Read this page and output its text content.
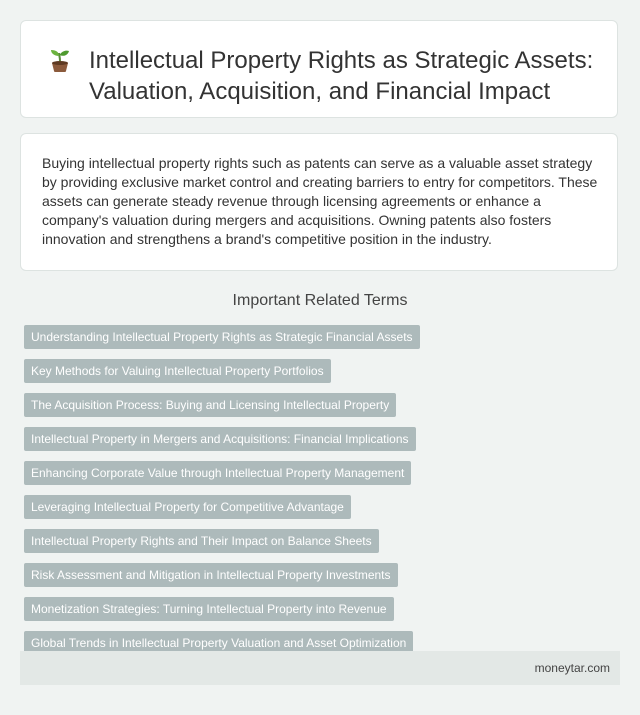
Intellectual Property Rights as Strategic Assets: Valuation, Acquisition, and Financial Impact

Buying intellectual property rights such as patents can serve as a valuable asset strategy by providing exclusive market control and creating barriers to entry for competitors. These assets can generate steady revenue through licensing agreements or enhance a company's valuation during mergers and acquisitions. Owning patents also fosters innovation and strengthens a brand's competitive position in the industry.

Important Related Terms
Understanding Intellectual Property Rights as Strategic Financial Assets
Key Methods for Valuing Intellectual Property Portfolios
The Acquisition Process: Buying and Licensing Intellectual Property
Intellectual Property in Mergers and Acquisitions: Financial Implications
Enhancing Corporate Value through Intellectual Property Management
Leveraging Intellectual Property for Competitive Advantage
Intellectual Property Rights and Their Impact on Balance Sheets
Risk Assessment and Mitigation in Intellectual Property Investments
Monetization Strategies: Turning Intellectual Property into Revenue
Global Trends in Intellectual Property Valuation and Asset Optimization
moneytar.com
